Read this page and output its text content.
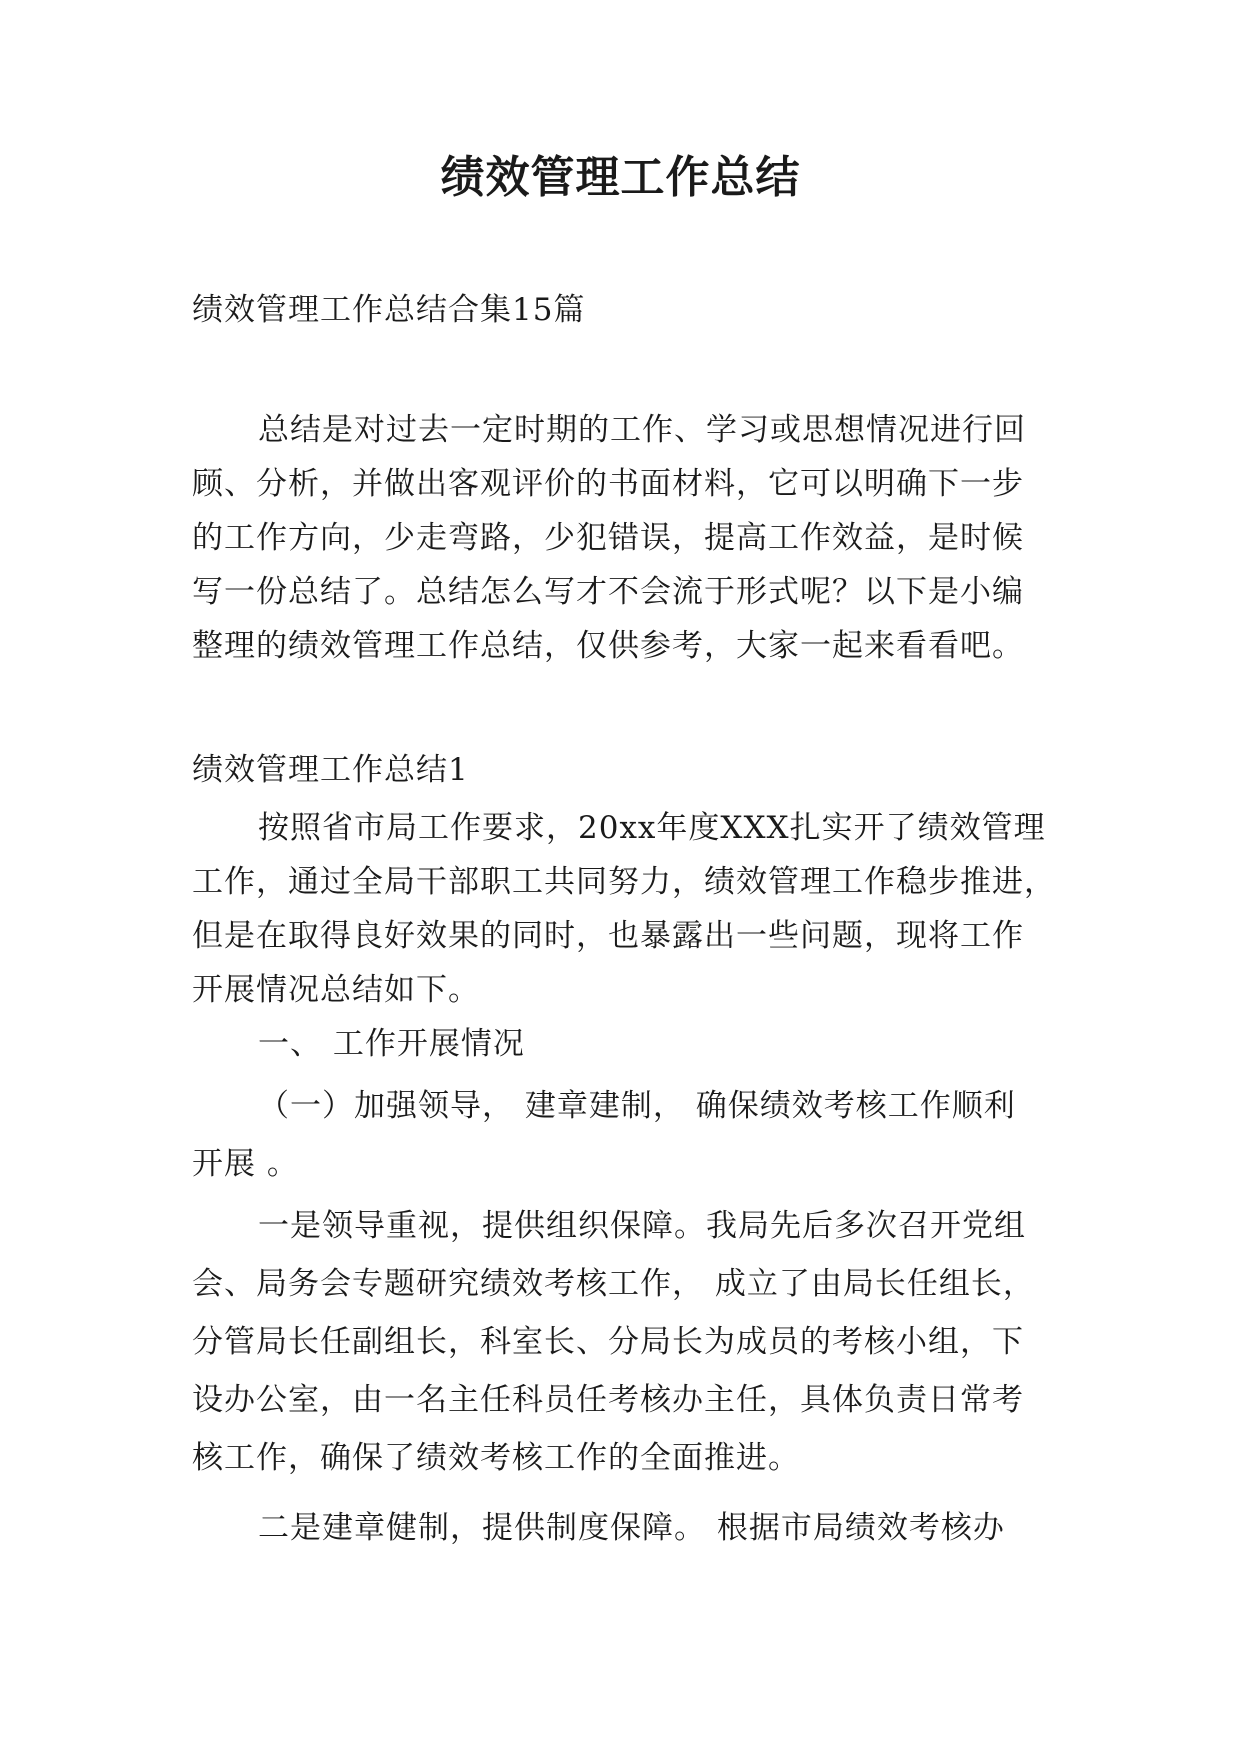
绩效管理工作总结
绩效管理工作总结合集15篇
总结是对过去一定时期的工作、学习或思想情况进行回
顾、分析，并做出客观评价的书面材料，它可以明确下一步
的工作方向，少走弯路，少犯错误，提高工作效益，是时候
写一份总结了。总结怎么写才不会流于形式呢？以下是小编
整理的绩效管理工作总结，仅供参考，大家一起来看看吧。
绩效管理工作总结1
按照省市局工作要求，20xx年度XXX扎实开了绩效管理
工作，通过全局干部职工共同努力，绩效管理工作稳步推进，
但是在取得良好效果的同时，也暴露出一些问题，现将工作
开展情况总结如下。
一、 工作开展情况
（一）加强领导， 建章建制， 确保绩效考核工作顺利
开展 。
一是领导重视，提供组织保障。我局先后多次召开党组
会、局务会专题研究绩效考核工作， 成立了由局长任组长，
分管局长任副组长，科室长、分局长为成员的考核小组，下
设办公室，由一名主任科员任考核办主任，具体负责日常考
核工作，确保了绩效考核工作的全面推进。
二是建章健制，提供制度保障。 根据市局绩效考核办
